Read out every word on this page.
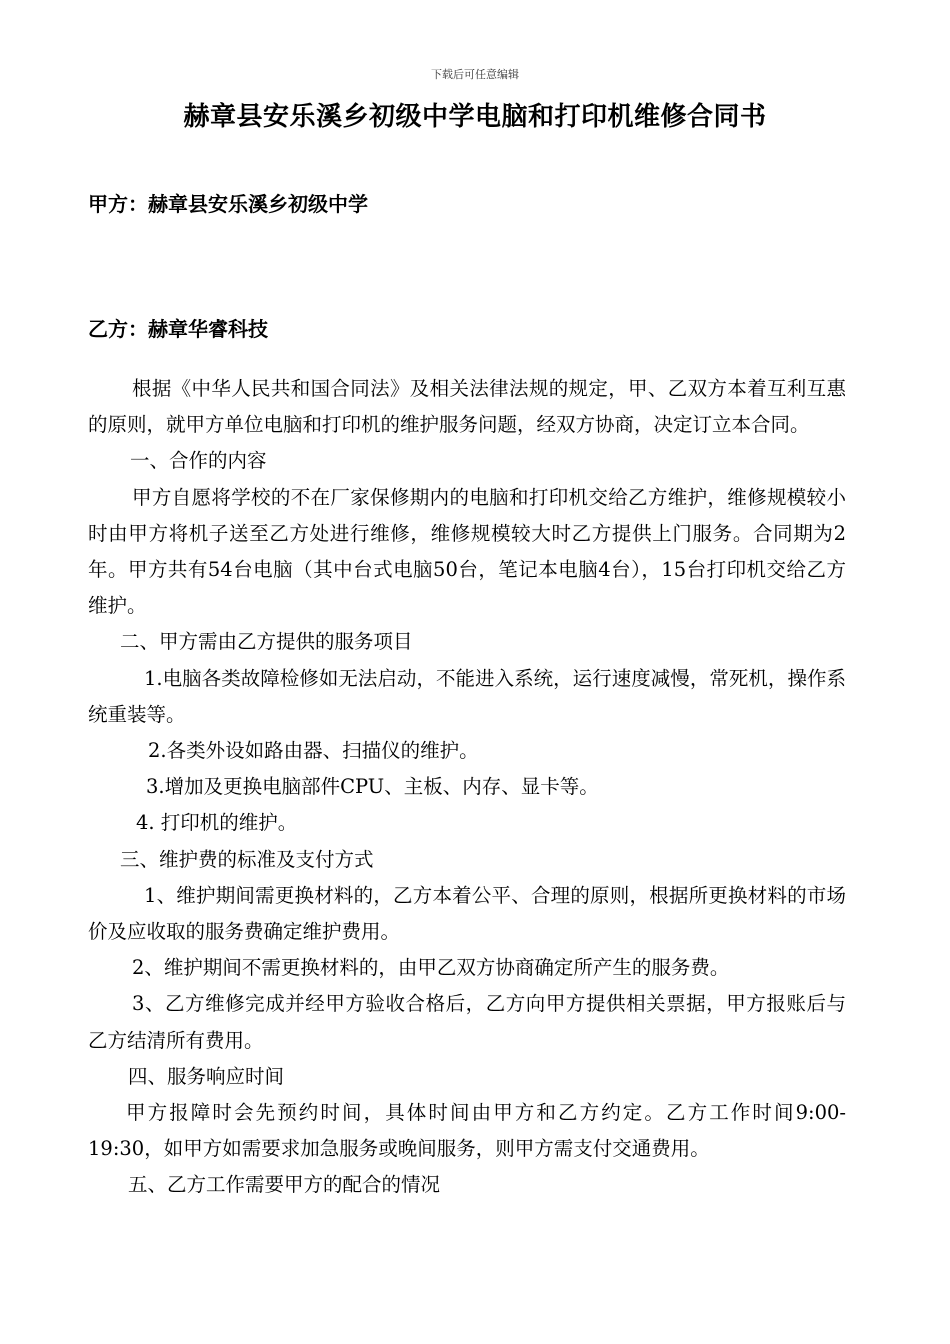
下载后可任意编辑
赫章县安乐溪乡初级中学电脑和打印机维修合同书
甲方：赫章县安乐溪乡初级中学
乙方：赫章华睿科技

根据《中华人民共和国合同法》及相关法律法规的规定，甲、乙双方本着互利互惠的原则，就甲方单位电脑和打印机的维护服务问题，经双方协商，决定订立本合同。

一、合作的内容

甲方自愿将学校的不在厂家保修期内的电脑和打印机交给乙方维护，维修规模较小时由甲方将机子送至乙方处进行维修，维修规模较大时乙方提供上门服务。合同期为2年。甲方共有54台电脑（其中台式电脑50台，笔记本电脑4台），15台打印机交给乙方维护。

二、甲方需由乙方提供的服务项目

1.电脑各类故障检修如无法启动，不能进入系统，运行速度减慢，常死机，操作系统重装等。

2.各类外设如路由器、扫描仪的维护。

3.增加及更换电脑部件CPU、主板、内存、显卡等。

4. 打印机的维护。

三、维护费的标准及支付方式

1、维护期间需更换材料的，乙方本着公平、合理的原则，根据所更换材料的市场价及应收取的服务费确定维护费用。

2、维护期间不需更换材料的，由甲乙双方协商确定所产生的服务费。

3、乙方维修完成并经甲方验收合格后，乙方向甲方提供相关票据，甲方报账后与乙方结清所有费用。

四、服务响应时间

甲方报障时会先预约时间，具体时间由甲方和乙方约定。乙方工作时间9:00-19:30，如甲方如需要求加急服务或晚间服务，则甲方需支付交通费用。

五、乙方工作需要甲方的配合的情况
